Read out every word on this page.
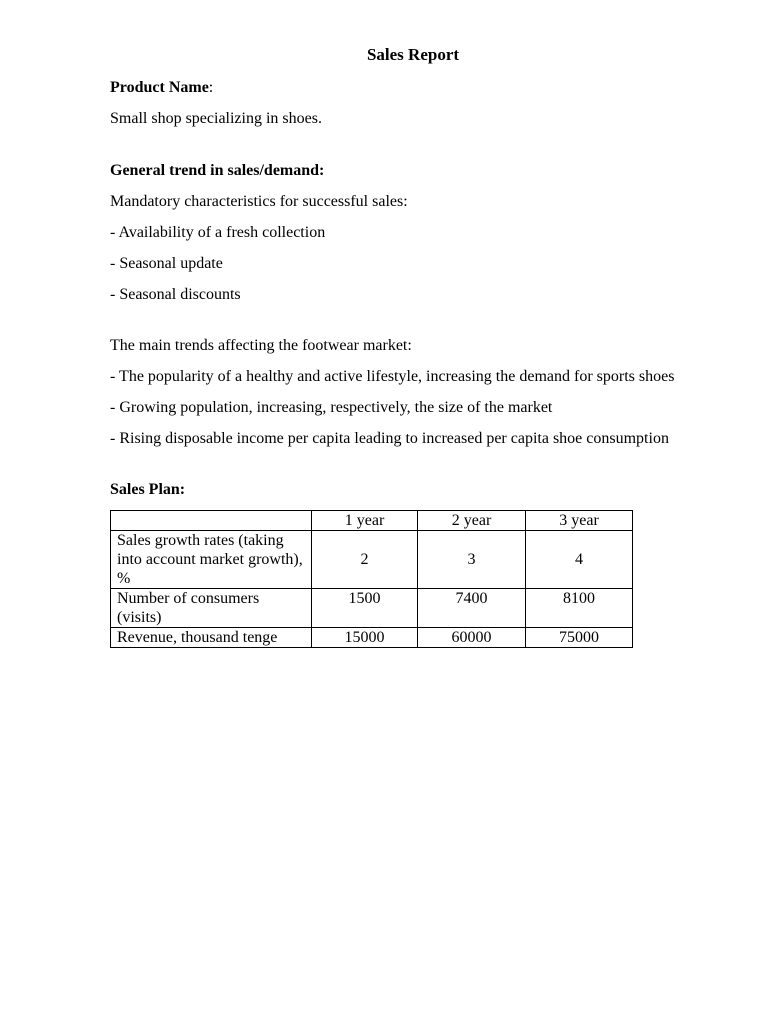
Sales Report
Product Name:

Small shop specializing in shoes.

General trend in sales/demand:

Mandatory characteristics for successful sales:

- Availability of a fresh collection

- Seasonal update

- Seasonal discounts

The main trends affecting the footwear market:

- The popularity of a healthy and active lifestyle, increasing the demand for sports shoes

- Growing population, increasing, respectively, the size of the market

- Rising disposable income per capita leading to increased per capita shoe consumption

Sales Plan:
	1 year	2 year	3 year
Sales growth rates (taking into account market growth), %	2	3	4
Number of consumers (visits)	1500	7400	8100
Revenue, thousand tenge	15000	60000	75000
